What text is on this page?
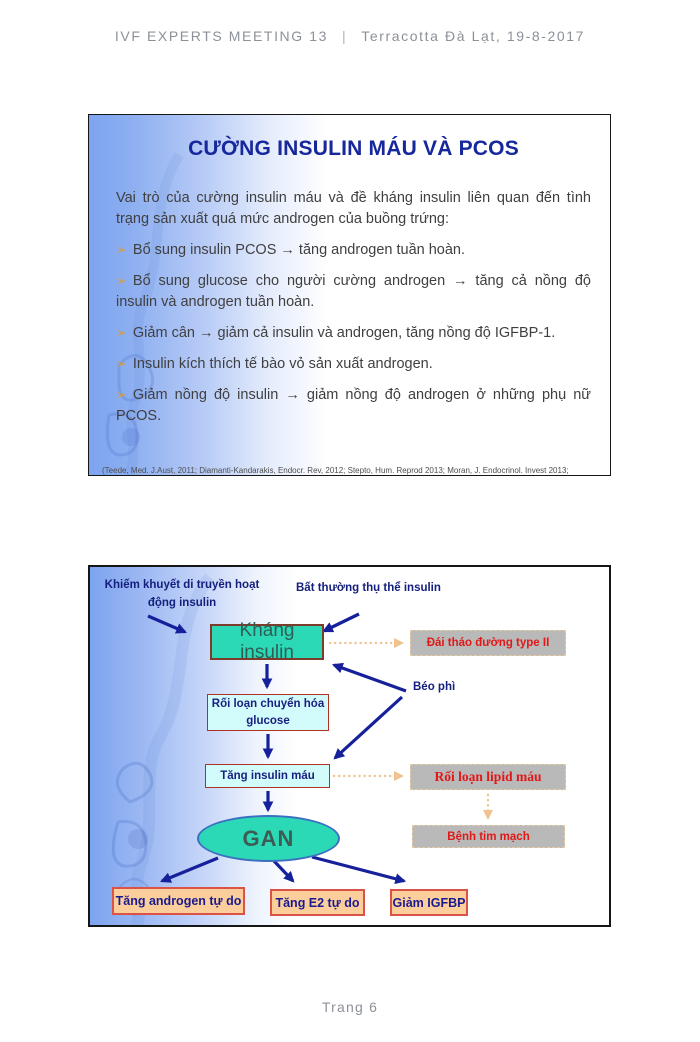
IVF EXPERTS MEETING 13 | Terracotta Đà Lạt, 19-8-2017
CƯỜNG INSULIN MÁU VÀ PCOS

Vai trò của cường insulin máu và đề kháng insulin liên quan đến tình trạng sản xuất quá mức androgen của buồng trứng:

➢ Bổ sung insulin PCOS → tăng androgen tuần hoàn.

➢ Bổ sung glucose cho người cường androgen → tăng cả nồng độ insulin và androgen tuần hoàn.

➢ Giảm cân → giảm cả insulin và androgen, tăng nồng độ IGFBP-1.

➢ Insulin kích thích tế bào vỏ sản xuất androgen.

➢ Giảm nồng độ insulin → giảm nồng độ androgen ở những phụ nữ PCOS.

(Teede, Med. J.Aust, 2011; Diamanti-Kandarakis, Endocr. Rev, 2012; Stepto, Hum. Reprod 2013; Moran, J. Endocrinol. Invest 2013;
Khiếm khuyết di truyền hoạt động insulin
Bất thường thụ thể insulin
Béo phì
Kháng insulin	Đái tháo đường type II
Rối loạn chuyển hóa glucose
Tăng insulin máu	Rối loạn lipid máu
Bệnh tim mạch
GAN
Tăng androgen tự do	Tăng E2 tự do	Giảm IGFBP
Trang 6
